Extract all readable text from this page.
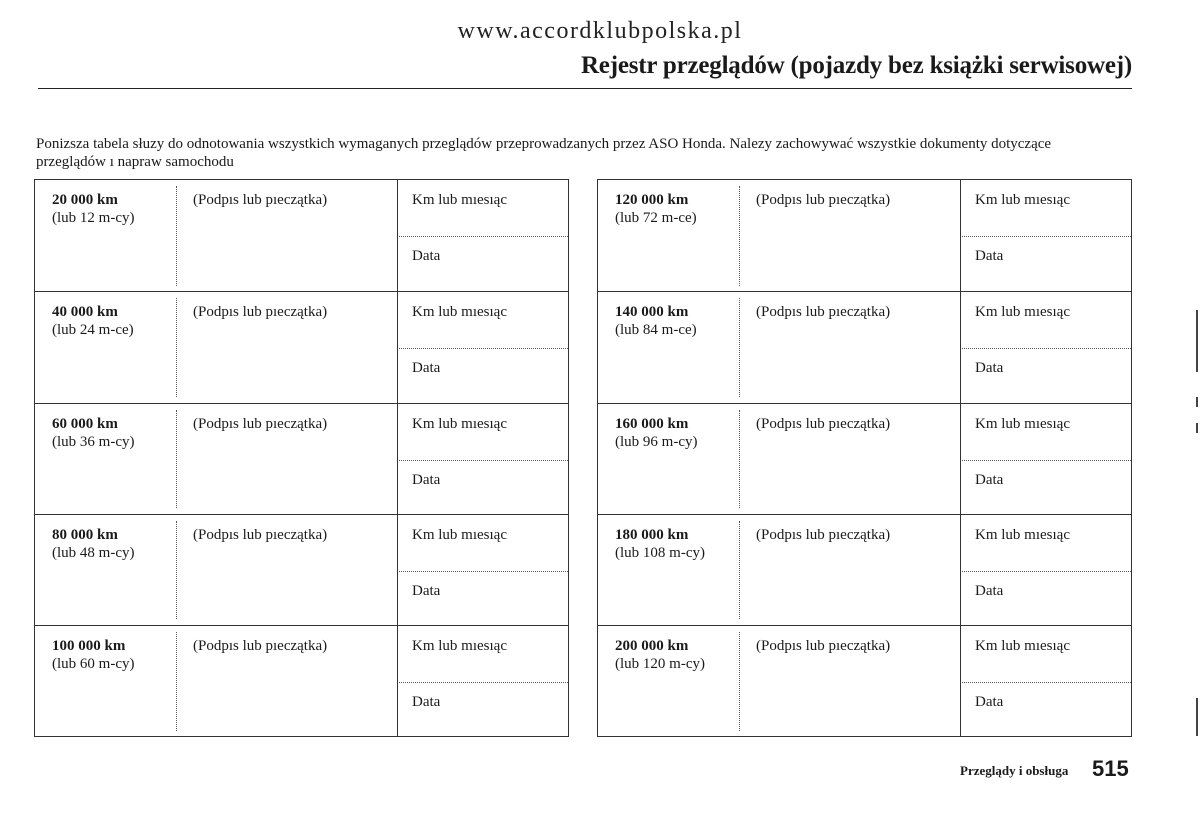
www.accordklubpolska.pl
Rejestr przeglądów (pojazdy bez książki serwisowej)
Ponizsza tabela słuzy do odnotowania wszystkich wymaganych przeglądów przeprowadzanych przez ASO Honda. Nalezy zachowywać wszystkie dokumenty dotyczące przeglądów ı napraw samochodu
20 000 km
(lub 12 m-cy)
(Podpıs lub pıeczątka)	Km lub mıesıąc
Data
40 000 km
(lub 24 m-ce)
(Podpıs lub pıeczątka)	Km lub mıesıąc
Data
60 000 km
(lub 36 m-cy)
(Podpıs lub pıeczątka)	Km lub mıesıąc
Data
80 000 km
(lub 48 m-cy)
(Podpıs lub pıeczątka)	Km lub mıesıąc
Data
100 000 km
(lub 60 m-cy)
(Podpıs lub pıeczątka)	Km lub mıesıąc
Data
120 000 km
(lub 72 m-ce)
(Podpıs lub pıeczątka)	Km lub mıesıąc
Data
140 000 km
(lub 84 m-ce)
(Podpıs lub pıeczątka)	Km lub mıesıąc
Data
160 000 km
(lub 96 m-cy)
(Podpıs lub pıeczątka)	Km lub mıesıąc
Data
180 000 km
(lub 108 m-cy)
(Podpıs lub pıeczątka)	Km lub mıesıąc
Data
200 000 km
(lub 120 m-cy)
(Podpıs lub pıeczątka)	Km lub mıesıąc
Data
Przeglądy i obsługa 515
